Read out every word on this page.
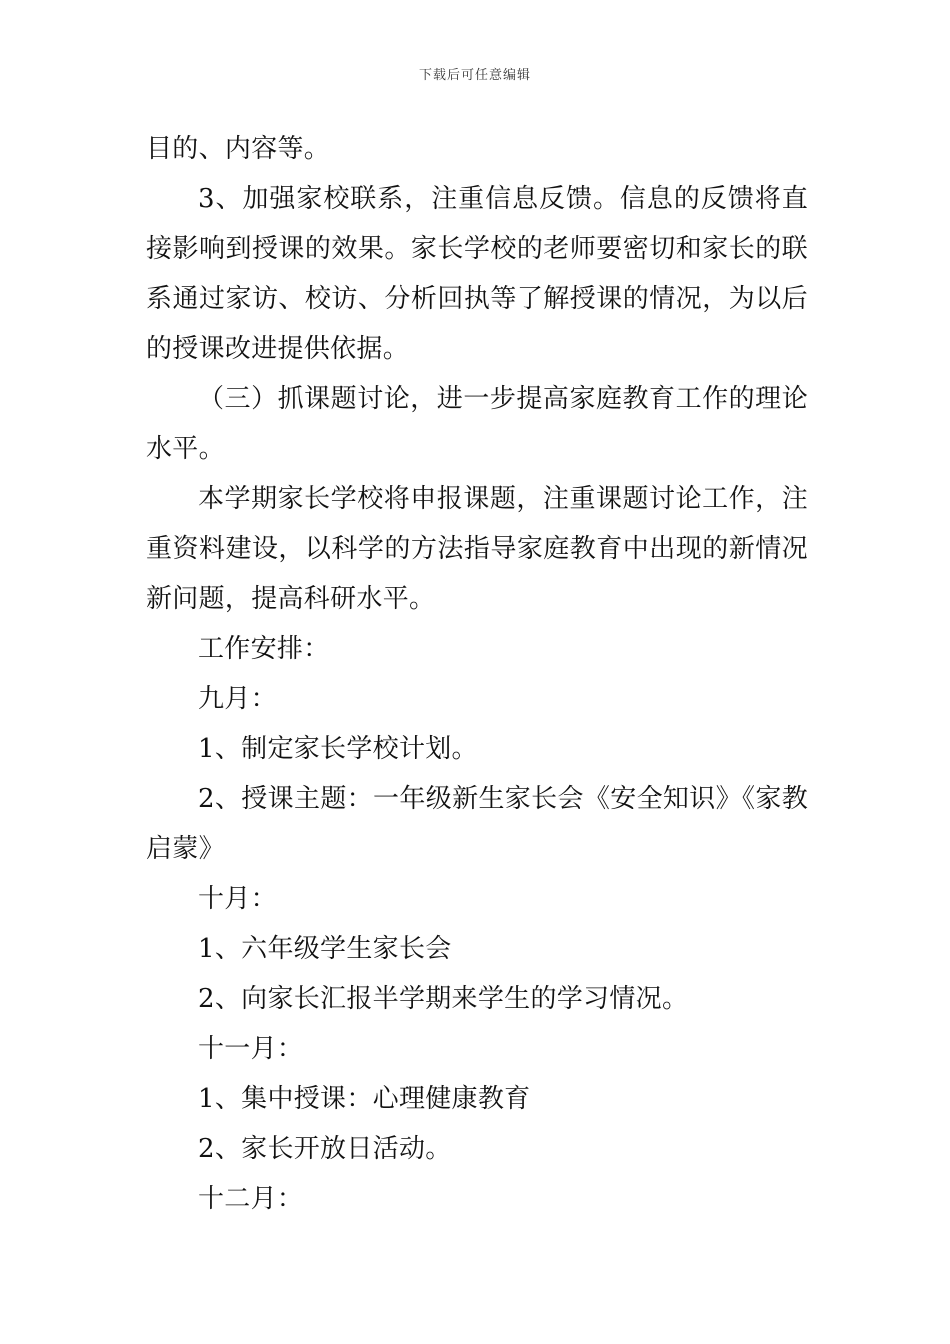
下载后可任意编辑

目的、内容等。

3、加强家校联系，注重信息反馈。信息的反馈将直接影响到授课的效果。家长学校的老师要密切和家长的联系通过家访、校访、分析回执等了解授课的情况，为以后的授课改进提供依据。

（三）抓课题讨论，进一步提高家庭教育工作的理论水平。

本学期家长学校将申报课题，注重课题讨论工作，注重资料建设，以科学的方法指导家庭教育中出现的新情况新问题，提高科研水平。

工作安排：

九月：

1、制定家长学校计划。

2、授课主题：一年级新生家长会《安全知识》《家教启蒙》

十月：

1、六年级学生家长会

2、向家长汇报半学期来学生的学习情况。

十一月：

1、集中授课：心理健康教育

2、家长开放日活动。

十二月：
